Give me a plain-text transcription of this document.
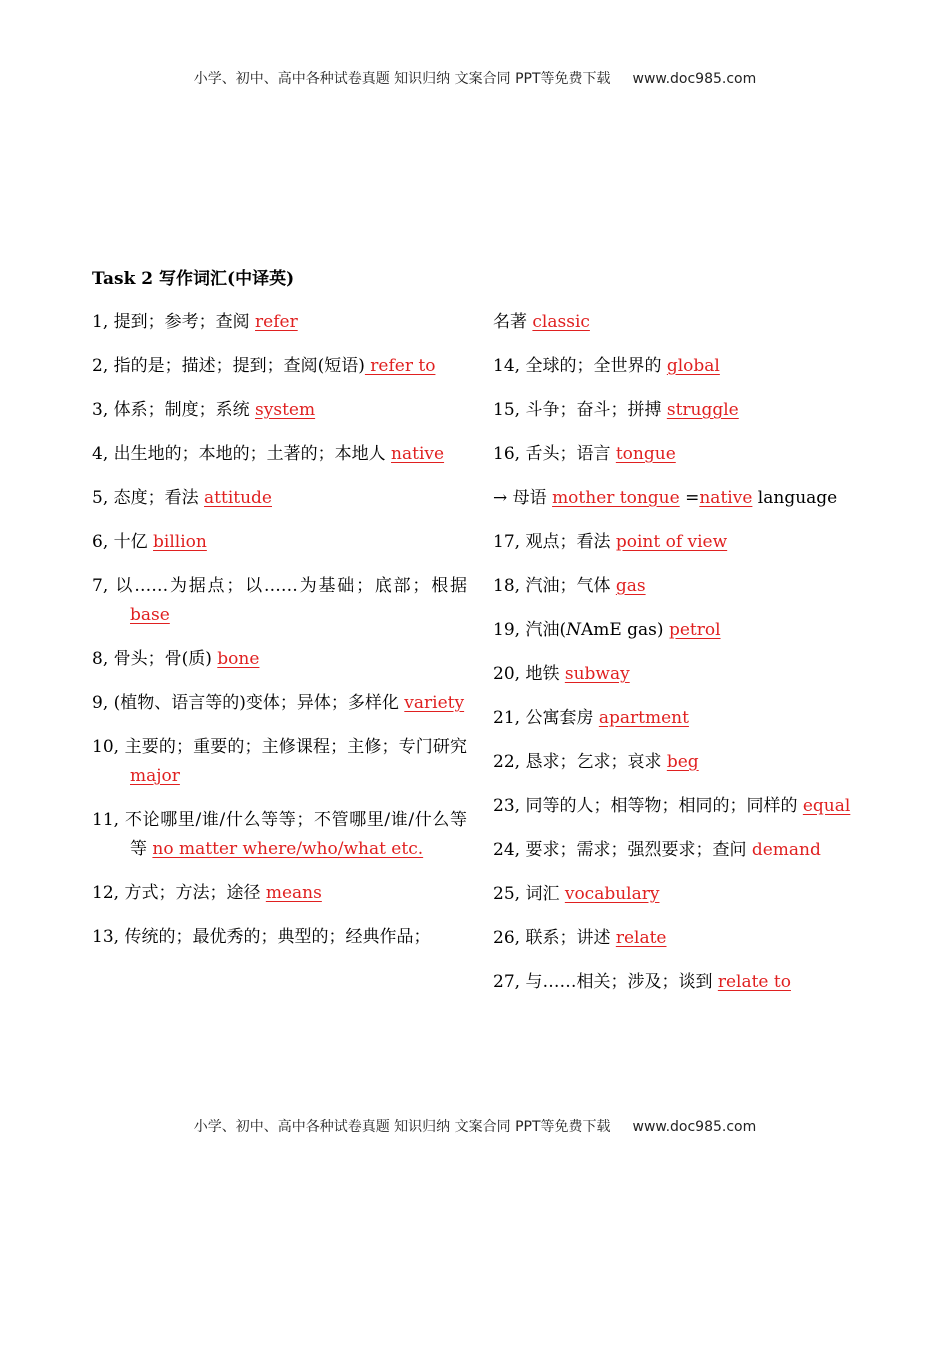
小学、初中、高中各种试卷真题 知识归纳 文案合同 PPT等免费下载 www.doc985.com
Task 2 写作词汇(中译英)

1, 提到；参考；查阅 refer

2, 指的是；描述；提到；查阅(短语) refer to

3, 体系；制度；系统 system

4, 出生地的；本地的；土著的；本地人 native

5, 态度；看法 attitude

6, 十亿 billion

7, 以……为据点；以……为基础；底部；根据 base

8, 骨头；骨(质) bone

9, (植物、语言等的)变体；异体；多样化 variety

10, 主要的；重要的；主修课程；主修；专门研究 major

11, 不论哪里/谁/什么等等；不管哪里/谁/什么等等 no matter where/who/what etc.

12, 方式；方法；途径 means

13, 传统的；最优秀的；典型的；经典作品；

名著 classic

14, 全球的；全世界的 global

15, 斗争；奋斗；拼搏 struggle

16, 舌头；语言 tongue

→ 母语 mother tongue =native language

17, 观点；看法 point of view

18, 汽油；气体 gas

19, 汽油(NAmE gas) petrol

20, 地铁 subway

21, 公寓套房 apartment

22, 恳求；乞求；哀求 beg

23, 同等的人；相等物；相同的；同样的 equal

24, 要求；需求；强烈要求；查问 demand

25, 词汇 vocabulary

26, 联系；讲述 relate

27, 与……相关；涉及；谈到 relate to

小学、初中、高中各种试卷真题 知识归纳 文案合同 PPT等免费下载 www.doc985.com
